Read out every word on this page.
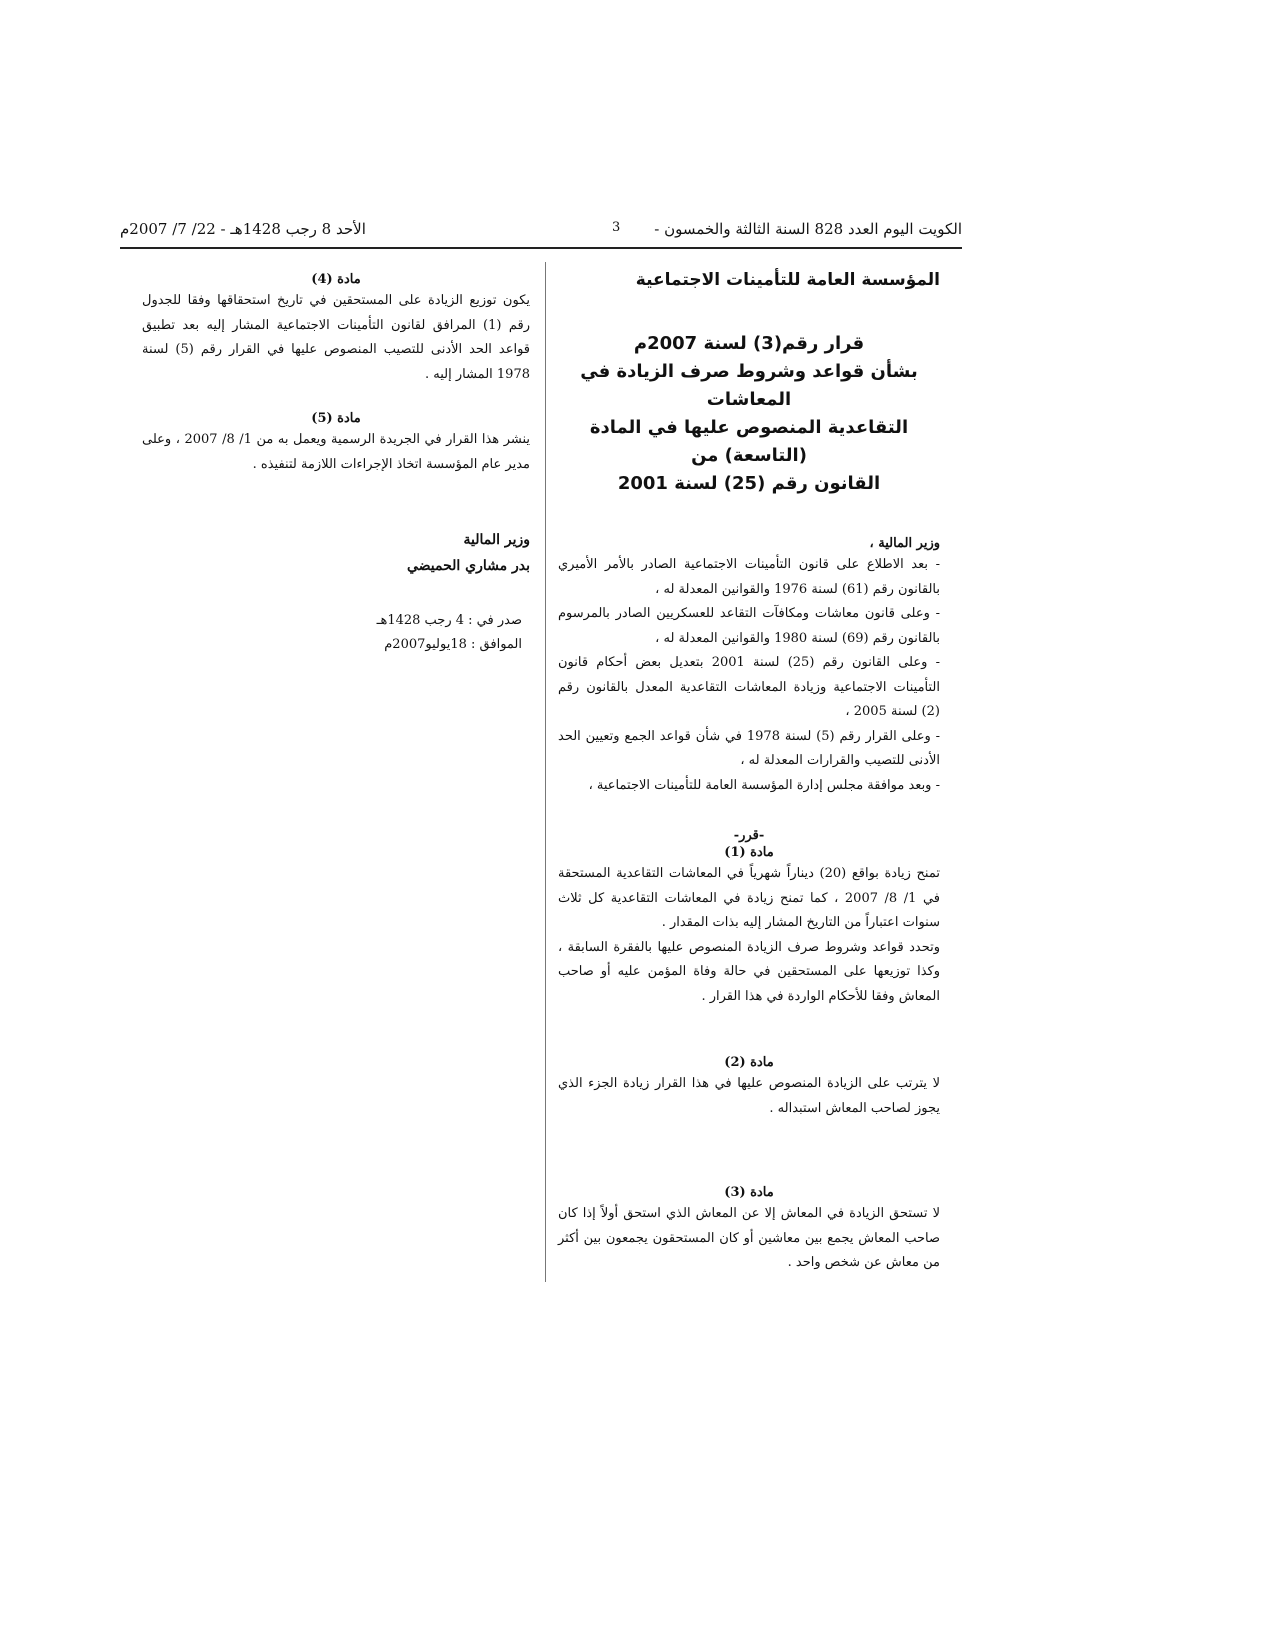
الكويت اليوم العدد 828 السنة الثالثة والخمسون -
3
الأحد 8 رجب 1428هـ - 22/ 7/ 2007م
المؤسسة العامة للتأمينات الاجتماعية
قرار رقم(3) لسنة 2007م
بشأن قواعد وشروط صرف الزيادة في المعاشات
التقاعدية المنصوص عليها في المادة (التاسعة) من
القانون رقم (25) لسنة 2001
وزير المالية ،

- بعد الاطلاع على قانون التأمينات الاجتماعية الصادر بالأمر الأميري بالقانون رقم (61) لسنة 1976 والقوانين المعدلة له ،

- وعلى قانون معاشات ومكافآت التقاعد للعسكريين الصادر بالمرسوم بالقانون رقم (69) لسنة 1980 والقوانين المعدلة له ،

- وعلى القانون رقم (25) لسنة 2001 بتعديل بعض أحكام قانون التأمينات الاجتماعية وزيادة المعاشات التقاعدية المعدل بالقانون رقم (2) لسنة 2005 ،

- وعلى القرار رقم (5) لسنة 1978 في شأن قواعد الجمع وتعيين الحد الأدنى للتصيب والقرارات المعدلة له ،

- وبعد موافقة مجلس إدارة المؤسسة العامة للتأمينات الاجتماعية ،

-قرر-
مادة (1)

تمنح زيادة بواقع (20) ديناراً شهرياً في المعاشات التقاعدية المستحقة في 1/ 8/ 2007 ، كما تمنح زيادة في المعاشات التقاعدية كل ثلاث سنوات اعتباراً من التاريخ المشار إليه بذات المقدار .

وتحدد قواعد وشروط صرف الزيادة المنصوص عليها بالفقرة السابقة ، وكذا توزيعها على المستحقين في حالة وفاة المؤمن عليه أو صاحب المعاش وفقا للأحكام الواردة في هذا القرار .

مادة (2)
لا يترتب على الزيادة المنصوص عليها في هذا القرار زيادة الجزء الذي يجوز لصاحب المعاش استبداله .
مادة (3)
لا تستحق الزيادة في المعاش إلا عن المعاش الذي استحق أولاً إذا كان صاحب المعاش يجمع بين معاشين أو كان المستحقون يجمعون بين أكثر من معاش عن شخص واحد .
مادة (4)
يكون توزيع الزيادة على المستحقين في تاريخ استحقاقها وفقا للجدول رقم (1) المرافق لقانون التأمينات الاجتماعية المشار إليه بعد تطبيق قواعد الحد الأدنى للتصيب المنصوص عليها في القرار رقم (5) لسنة 1978 المشار إليه .
مادة (5)
ينشر هذا القرار في الجريدة الرسمية ويعمل به من 1/ 8/ 2007 ، وعلى مدير عام المؤسسة اتخاذ الإجراءات اللازمة لتنفيذه .
وزير المالية
بدر مشاري الحميضي
صدر في : 4 رجب 1428هـ
الموافق : 18يوليو2007م
